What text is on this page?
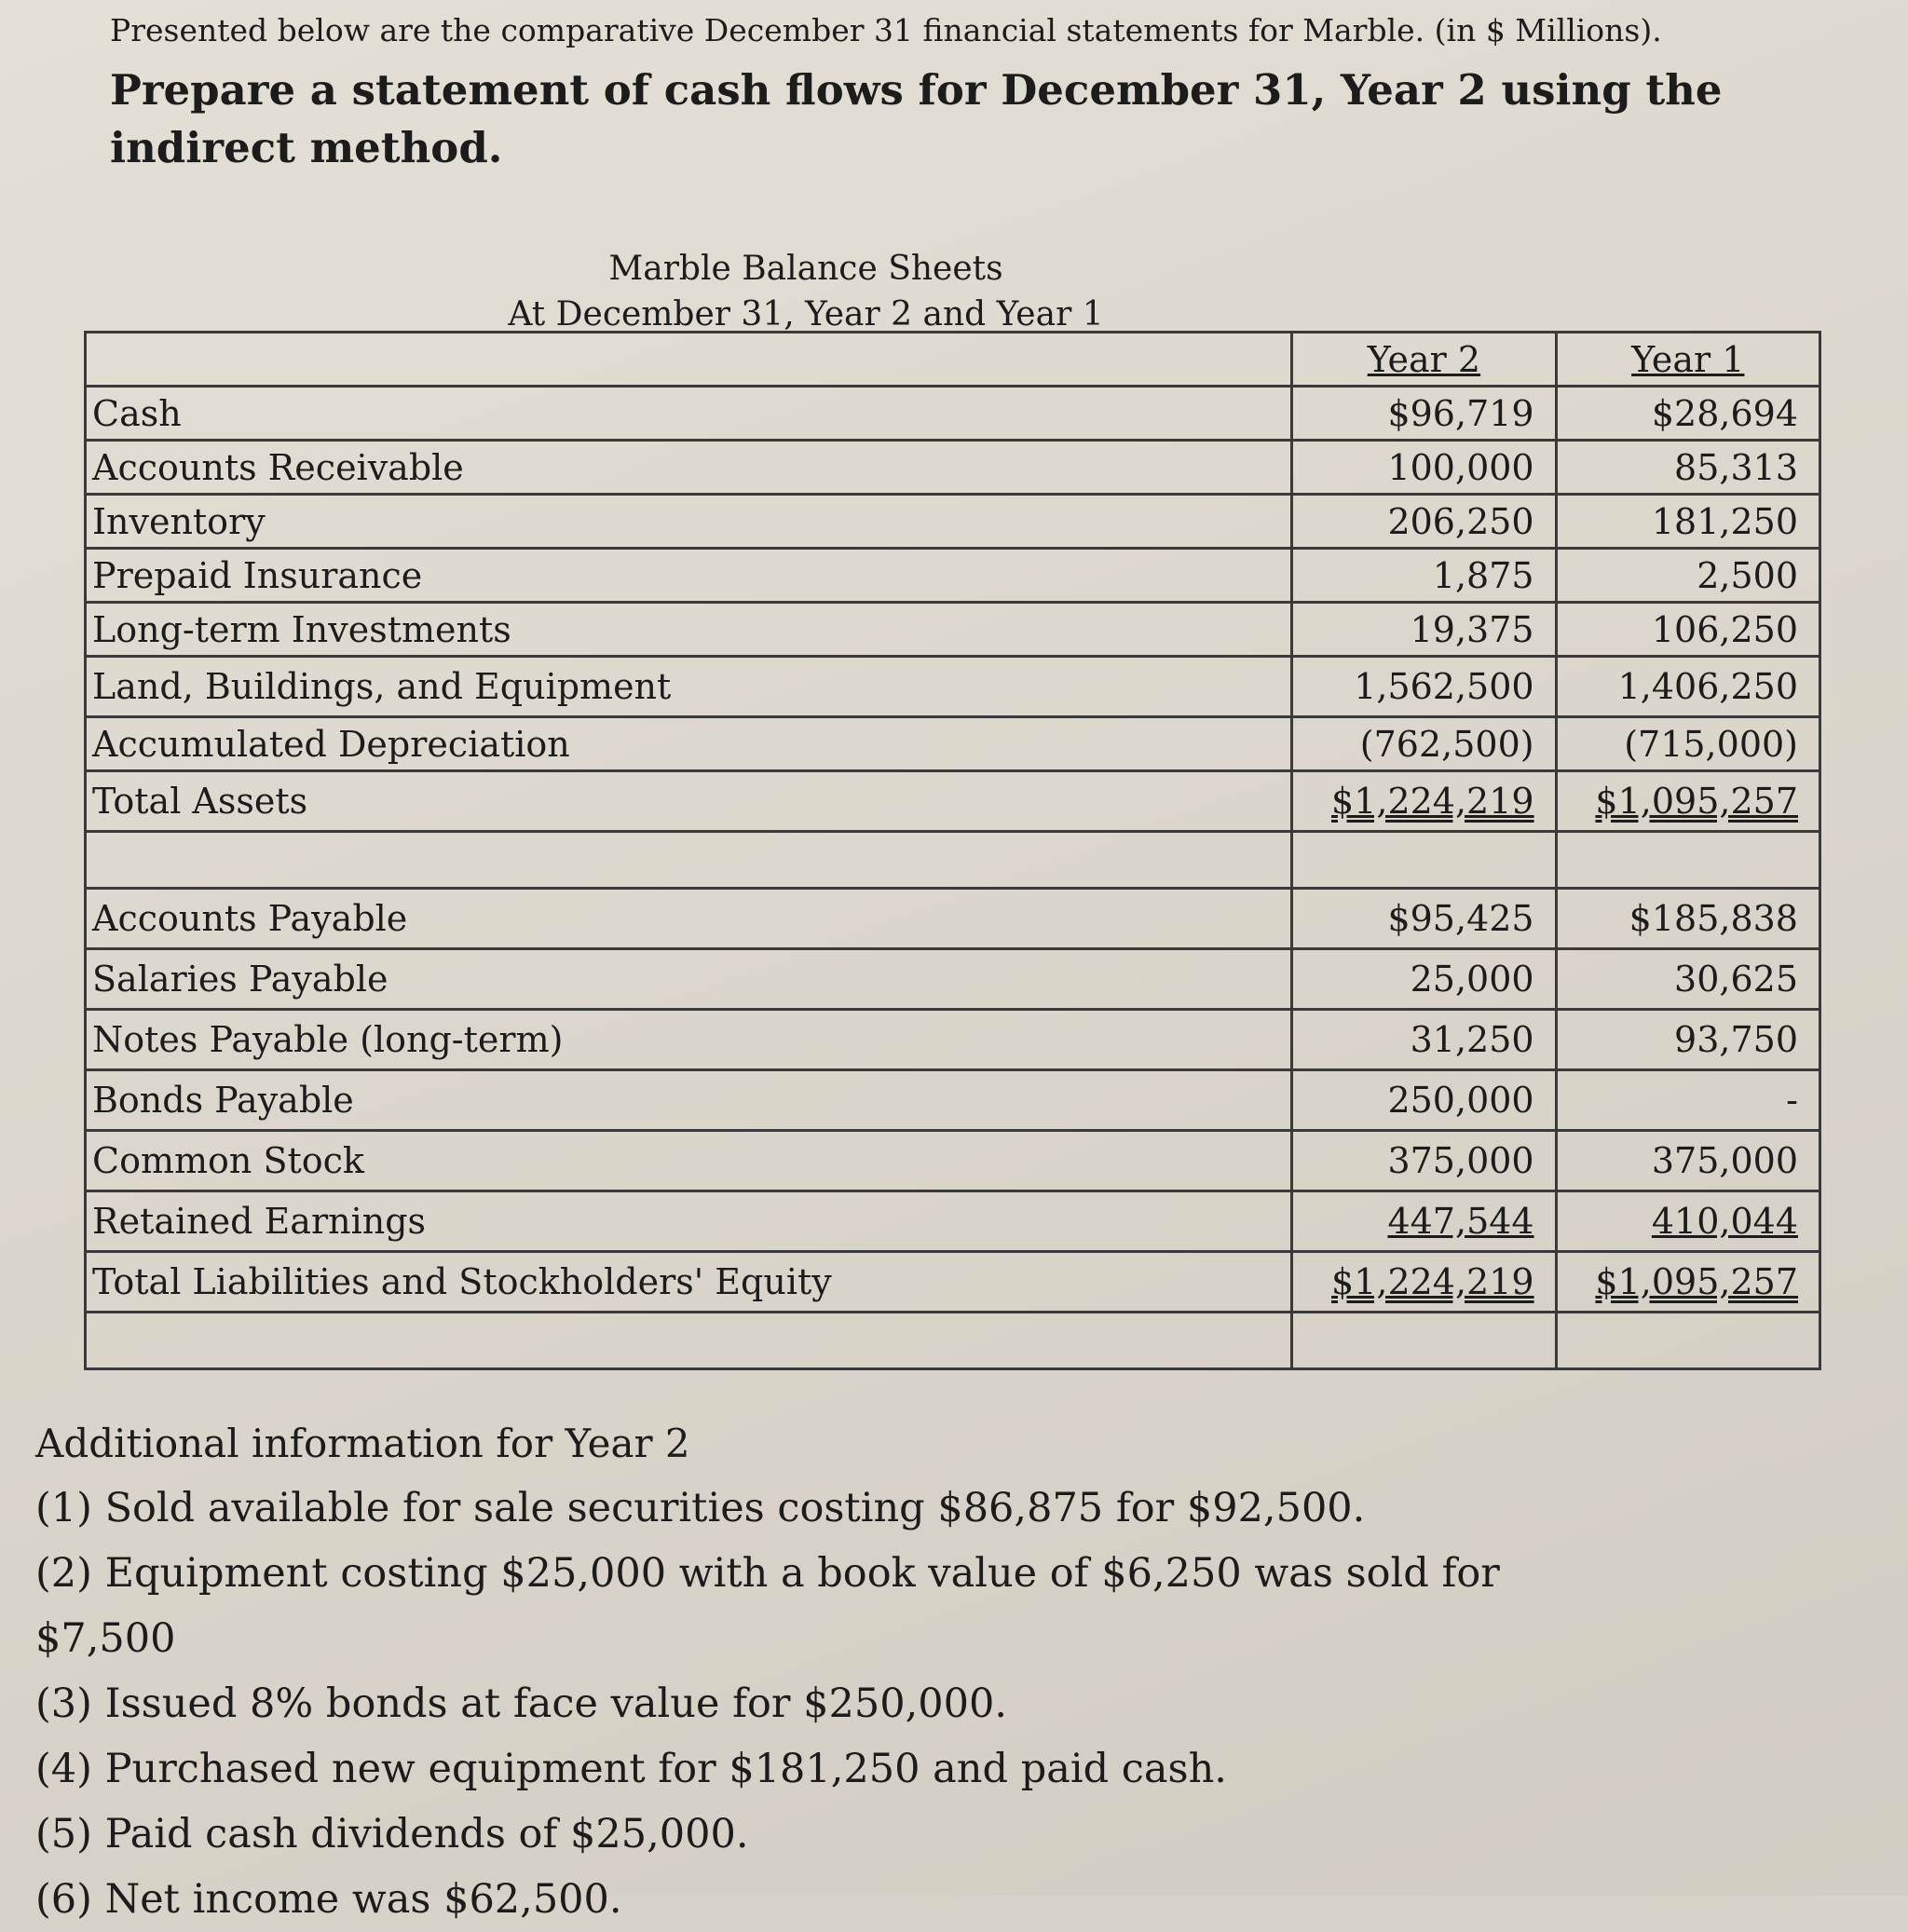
Presented below are the comparative December 31 financial statements for Marble. (in $ Millions).

Prepare a statement of cash flows for December 31, Year 2 using the indirect method.

Marble Balance Sheets
At December 31, Year 2 and Year 1
	Year 2	Year 1
Cash	$96,719	$28,694
Accounts Receivable	100,000	85,313
Inventory	206,250	181,250
Prepaid Insurance	1,875	2,500
Long-term Investments	19,375	106,250
Land, Buildings, and Equipment	1,562,500	1,406,250
Accumulated Depreciation	(762,500)	(715,000)
Total Assets	$1,224,219	$1,095,257

Accounts Payable	$95,425	$185,838
Salaries Payable	25,000	30,625
Notes Payable (long-term)	31,250	93,750
Bonds Payable	250,000	-
Common Stock	375,000	375,000
Retained Earnings	447,544	410,044
Total Liabilities and Stockholders' Equity	$1,224,219	$1,095,257

Additional information for Year 2

(1) Sold available for sale securities costing $86,875 for $92,500.

(2) Equipment costing $25,000 with a book value of $6,250 was sold for $7,500

(3) Issued 8% bonds at face value for $250,000.

(4) Purchased new equipment for $181,250 and paid cash.

(5) Paid cash dividends of $25,000.

(6) Net income was $62,500.
